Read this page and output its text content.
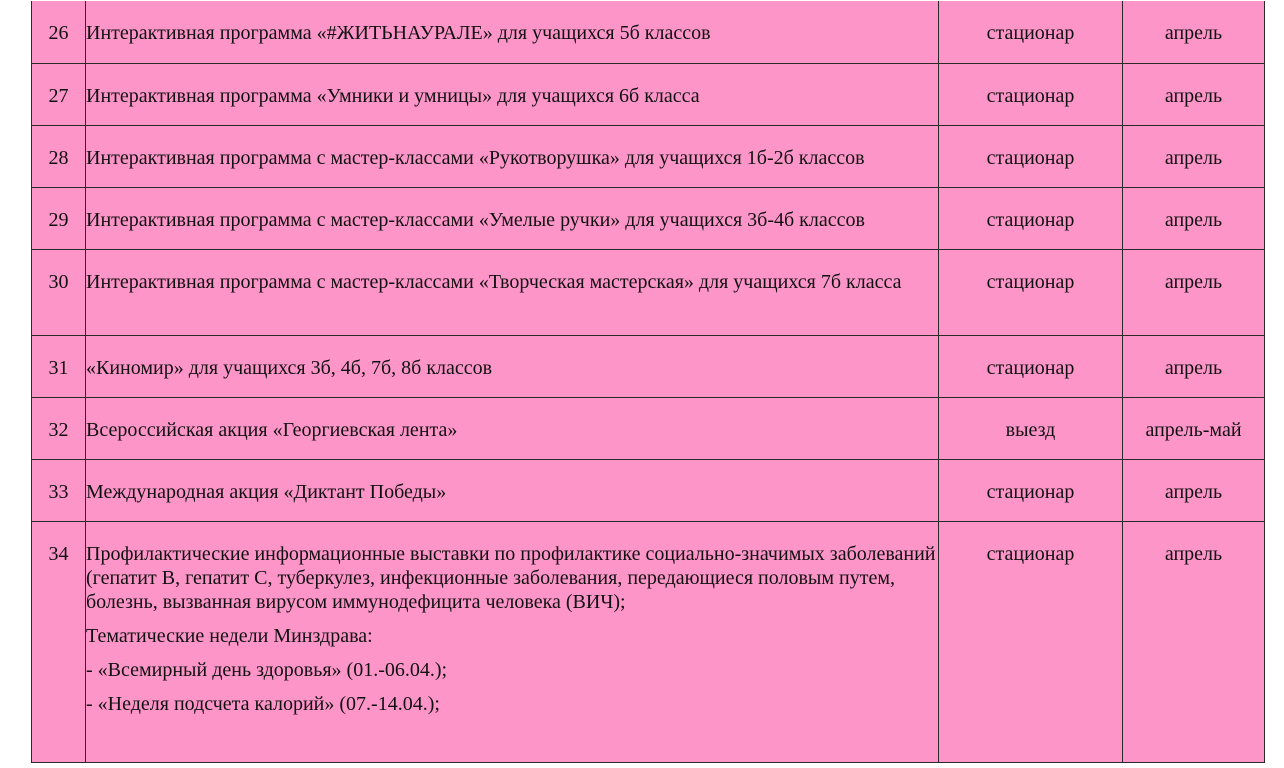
26	Интерактивная программа «#ЖИТЬНАУРАЛЕ» для учащихся 5б классов	стационар	апрель
27	Интерактивная программа «Умники и умницы» для учащихся 6б класса	стационар	апрель
28	Интерактивная программа с мастер-классами «Рукотворушка» для учащихся 1б-2б классов	стационар	апрель
29	Интерактивная программа с мастер-классами «Умелые ручки» для учащихся 3б-4б классов	стационар	апрель
30	Интерактивная программа с мастер-классами «Творческая мастерская» для учащихся 7б класса	стационар	апрель
31	«Киномир» для учащихся 3б, 4б, 7б, 8б классов	стационар	апрель
32	Всероссийская акция «Георгиевская лента»	выезд	апрель-май
33	Международная акция «Диктант Победы»	стационар	апрель
34	Профилактические информационные выставки по профилактике социально-значимых заболеваний (гепатит В, гепатит С, туберкулез, инфекционные заболевания, передающиеся половым путем, болезнь, вызванная вирусом иммунодефицита человека (ВИЧ);
Тематические недели Минздрава:
- «Всемирный день здоровья» (01.-06.04.);
- «Неделя подсчета калорий» (07.-14.04.);	стационар	апрель
